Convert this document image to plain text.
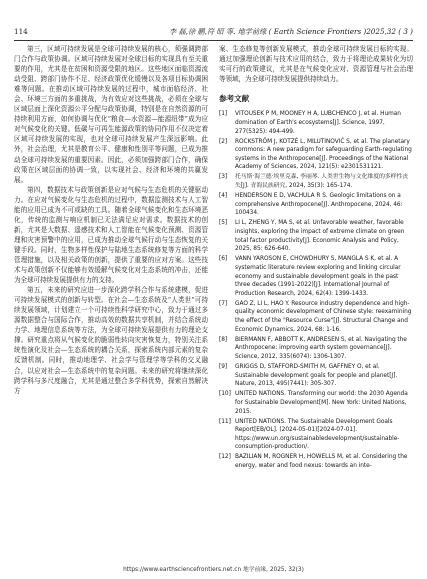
114	李 磊,徐 鹏,符 昭 等. 地学前缘 ( Earth Science Frontiers )2025,32 ( 3 )

第三，区域可持续发展是全球可持续发展的核心，须强调跨部门合作与政策协调。区域可持续发展对全球目标的实现具有至关重要的作用，尤其是在贫困和资源受限的地区。这些地区面临资源流动受阻、跨部门协作不足、经济政策优化缓慢以及各项目标协调困难等问题。在推动区域可持续发展的过程中，城市面临经济、社会、环境三方面的多重挑战，为有效应对这些挑战，必须在全球与区域层面上深化资源公平分配与政策协调，特别是在自然资源的可持续利用方面，如何协调与优化“粮食—水资源—能源纽带”成为应对气候变化的关键。低碳与可再生能源政策的协同作用不仅决定着区域可持续发展的实现，也对全球可持续发展产生深远影响。此外，社会治理，尤其是教育公平、健康和性别平等问题，已成为推动全球可持续发展的重要因素。因此，必须加强跨部门合作，确保政策在区域层面的协调一致，以实现社会、经济和环境的共赢发展。

第四，数据技术与政策创新是应对气候与生态危机的关键驱动力。在应对气候变化与生态危机的过程中，数据监测技术与人工智能的应用已成为不可或缺的工具。随着全球气候变化和生态环境恶化，传统的监测与响应机制已无法满足应对需求。数据技术的创新，尤其是大数据、遥感技术和人工智能在气候变化预测、资源管理和灾害预警中的应用，已成为推动全球气候行动与生态恢复的关键手段。同时，生物多样性保护与陆地生态系统修复等方面的科学管理措施，以及相关政策的创新，提供了重要的应对方案。这些技术与政策创新不仅能够有效缓解气候变化对生态系统的冲击，还能为全球可持续发展提供有力的支持。

第五，未来的研究应进一步深化跨学科合作与系统建模，促进可持续发展模式的创新与转型。在社会—生态系统及“人类世”可持续发展领域，计划建立一个可持续性科学研究中心，致力于通过多源数据整合与国际合作，推动高效的数据共享机制，并结合系统动力学、地理信息系统等方法，为全球可持续发展提供有力的理论支撑。研究重点将从气候变化的脆弱性转向灾害恢复力，特别关注系统性演化及社会—生态系统的耦合关系，探索系统内部元素的复杂反馈机制。同时，推动地理学、社会学与管理学等学科的交叉融合，以应对社会—生态系统中的复杂问题。未来的研究将继续深化跨学科与多尺度融合，尤其是通过整合多学科优势，探索自然解决方

案、生态修复等创新发展模式，推动全球可持续发展目标的实现。通过加强理论创新与技术应用的结合，致力于将理论成果转化为切实可行的政策建议，尤其是在气候变化应对、资源管理与社会治理等领域，为全球可持续发展提供持续动力。

参考文献
[1] VITOUSEK P M, MOONEY H A, LUBCHENCO J, et al. Human domination of Earth's ecosystems[J]. Science, 1997, 277(5325): 494-499.
[2] ROCKSTRÖM J, KOTZÉ L, MILUTINOVIĆ S, et al. The planetary commons: A new paradigm for safeguarding Earth-regulating systems in the Anthropocene[J]. Proceedings of the National Academy of Sciences, 2024, 121(5): e2301531121.
[3] 托马斯·海兰德·埃里克森, 李丽琴. 人类世生物与文化维度的多样性丧失[J]. 青海民族研究, 2024, 35(3): 165-174.
[4] HENDERSON E D, VACHULA R S. Geologic limitations on a comprehensive Anthropocene[J]. Anthropocene, 2024, 46: 100434.
[5] LI L, ZHENG Y, MA S, et al. Unfavorable weather, favorable insights, exploring the impact of extreme climate on green total factor productivity[J]. Economic Analysis and Policy, 2025, 85: 626-640.
[6] VANN YAROSON E, CHOWDHURY S, MANGLA S K, et al. A systematic literature review exploring and linking circular economy and sustainable development goals in the past three decades (1991-2022)[J]. International Journal of Production Research, 2024, 62(4): 1399-1433.
[7] GAO Z, LI L, HAO Y. Resource industry dependence and high-quality economic development of Chinese style: reexamining the effect of the "Resource Curse"[J]. Structural Change and Economic Dynamics, 2024, 68: 1-16.
[8] BIERMANN F, ABBOTT K, ANDRESEN S, et al. Navigating the Anthropocene: improving earth system governance[J]. Science, 2012, 335(6074): 1306-1307.
[9] GRIGGS D, STAFFORD-SMITH M, GAFFNEY O, et al. Sustainable development goals for people and planet[J]. Nature, 2013, 495(7441): 305-307.
[10] UNITED NATIONS. Transforming our world: the 2030 Agenda for Sustainable Development[M]. New York: United Nations, 2015.
[11] UNITED NATIONS. The Sustainable Development Goals Report[EB/OL]. (2024-05-01)[2024-07-01]. https://www.un.org/sustainabledevelopment/sustainable-consumption-production/.
[12] BAZILIAN M, ROGNER H, HOWELLS M, et al. Considering the energy, water and food nexus: towards an inte-
https://www.earthsciencefrontiers.net.cn 地学前缘, 2025, 32(3)
